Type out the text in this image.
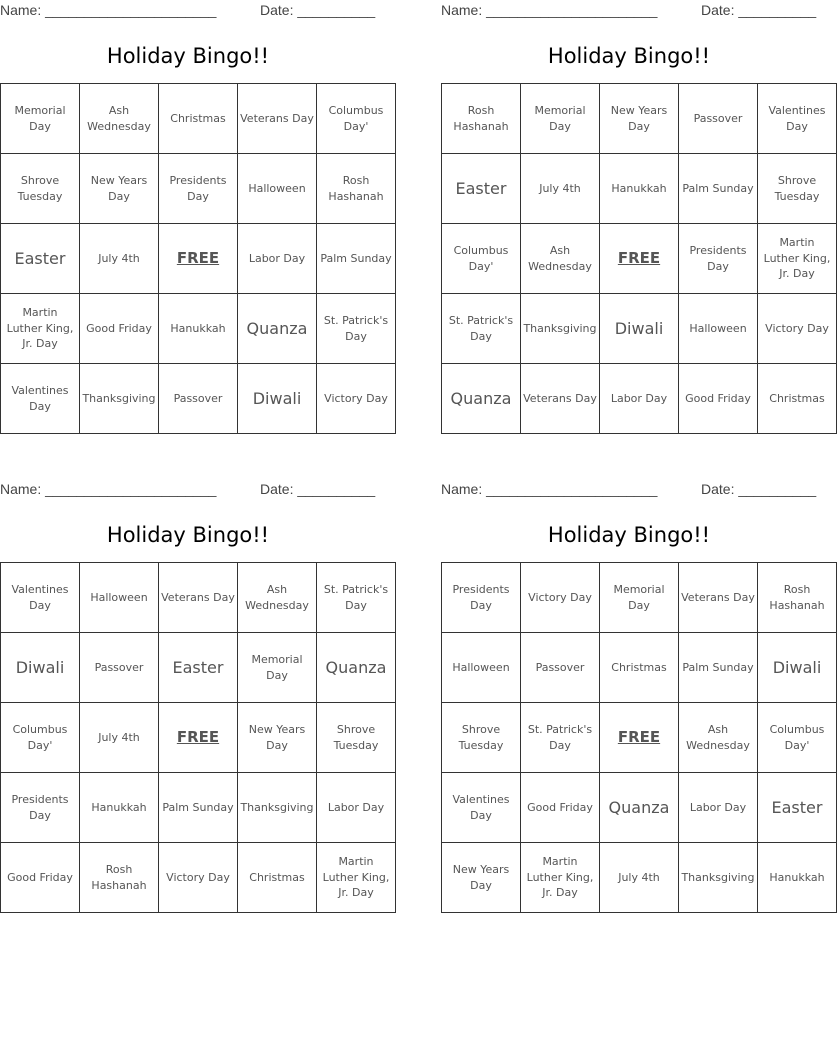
Name: ______________________	Date: __________
Holiday Bingo!!
Memorial Day	Ash Wednesday	Christmas	Veterans Day	Columbus Day'
Shrove Tuesday	New Years Day	Presidents Day	Halloween	Rosh Hashanah
Easter	July 4th	FREE	Labor Day	Palm Sunday
Martin Luther King, Jr. Day	Good Friday	Hanukkah	Quanza	St. Patrick's Day
Valentines Day	Thanksgiving	Passover	Diwali	Victory Day
Name: ______________________	Date: __________
Holiday Bingo!!
Rosh Hashanah	Memorial Day	New Years Day	Passover	Valentines Day
Easter	July 4th	Hanukkah	Palm Sunday	Shrove Tuesday
Columbus Day'	Ash Wednesday	FREE	Presidents Day	Martin Luther King, Jr. Day
St. Patrick's Day	Thanksgiving	Diwali	Halloween	Victory Day
Quanza	Veterans Day	Labor Day	Good Friday	Christmas
Name: ______________________	Date: __________
Holiday Bingo!!
Valentines Day	Halloween	Veterans Day	Ash Wednesday	St. Patrick's Day
Diwali	Passover	Easter	Memorial Day	Quanza
Columbus Day'	July 4th	FREE	New Years Day	Shrove Tuesday
Presidents Day	Hanukkah	Palm Sunday	Thanksgiving	Labor Day
Good Friday	Rosh Hashanah	Victory Day	Christmas	Martin Luther King, Jr. Day
Name: ______________________	Date: __________
Holiday Bingo!!
Presidents Day	Victory Day	Memorial Day	Veterans Day	Rosh Hashanah
Halloween	Passover	Christmas	Palm Sunday	Diwali
Shrove Tuesday	St. Patrick's Day	FREE	Ash Wednesday	Columbus Day'
Valentines Day	Good Friday	Quanza	Labor Day	Easter
New Years Day	Martin Luther King, Jr. Day	July 4th	Thanksgiving	Hanukkah
